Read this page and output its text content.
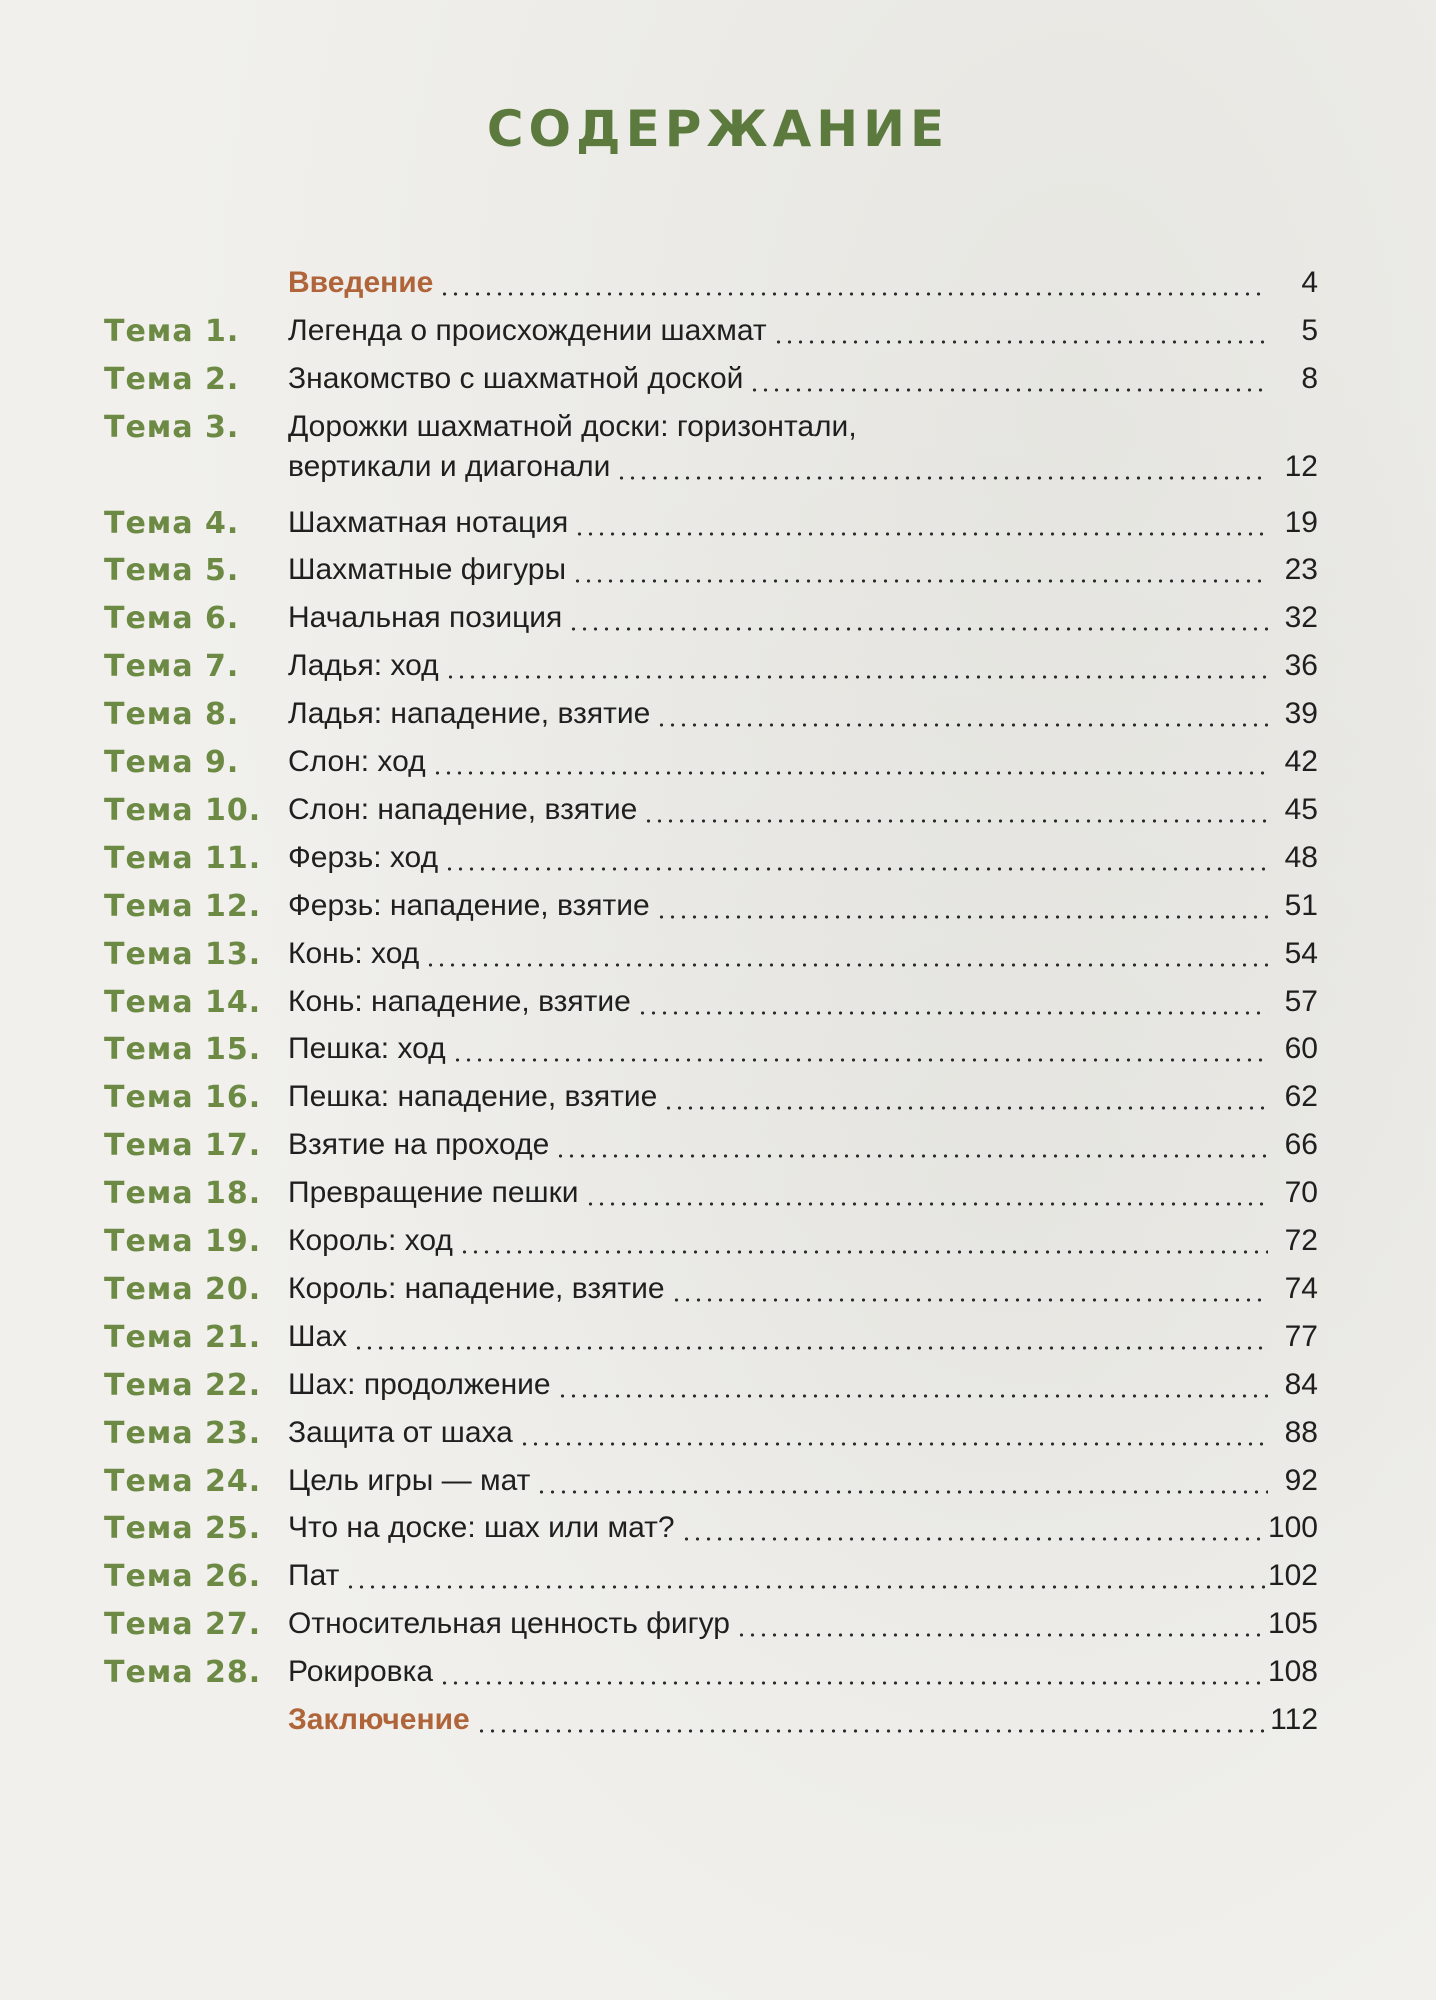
СОДЕРЖАНИЕ
Введение	4
Тема 1. Легенда о происхождении шахмат	5
Тема 2. Знакомство с шахматной доской	8
Тема 3. Дорожки шахматной доски: горизонтали,
вертикали и диагонали	12
Тема 4. Шахматная нотация	19
Тема 5. Шахматные фигуры	23
Тема 6. Начальная позиция	32
Тема 7. Ладья: ход	36
Тема 8. Ладья: нападение, взятие	39
Тема 9. Слон: ход	42
Тема 10. Слон: нападение, взятие	45
Тема 11. Ферзь: ход	48
Тема 12. Ферзь: нападение, взятие	51
Тема 13. Конь: ход	54
Тема 14. Конь: нападение, взятие	57
Тема 15. Пешка: ход	60
Тема 16. Пешка: нападение, взятие	62
Тема 17. Взятие на проходе	66
Тема 18. Превращение пешки	70
Тема 19. Король: ход	72
Тема 20. Король: нападение, взятие	74
Тема 21. Шах	77
Тема 22. Шах: продолжение	84
Тема 23. Защита от шаха	88
Тема 24. Цель игры — мат	92
Тема 25. Что на доске: шах или мат?	100
Тема 26. Пат	102
Тема 27. Относительная ценность фигур	105
Тема 28. Рокировка	108
Заключение	112
